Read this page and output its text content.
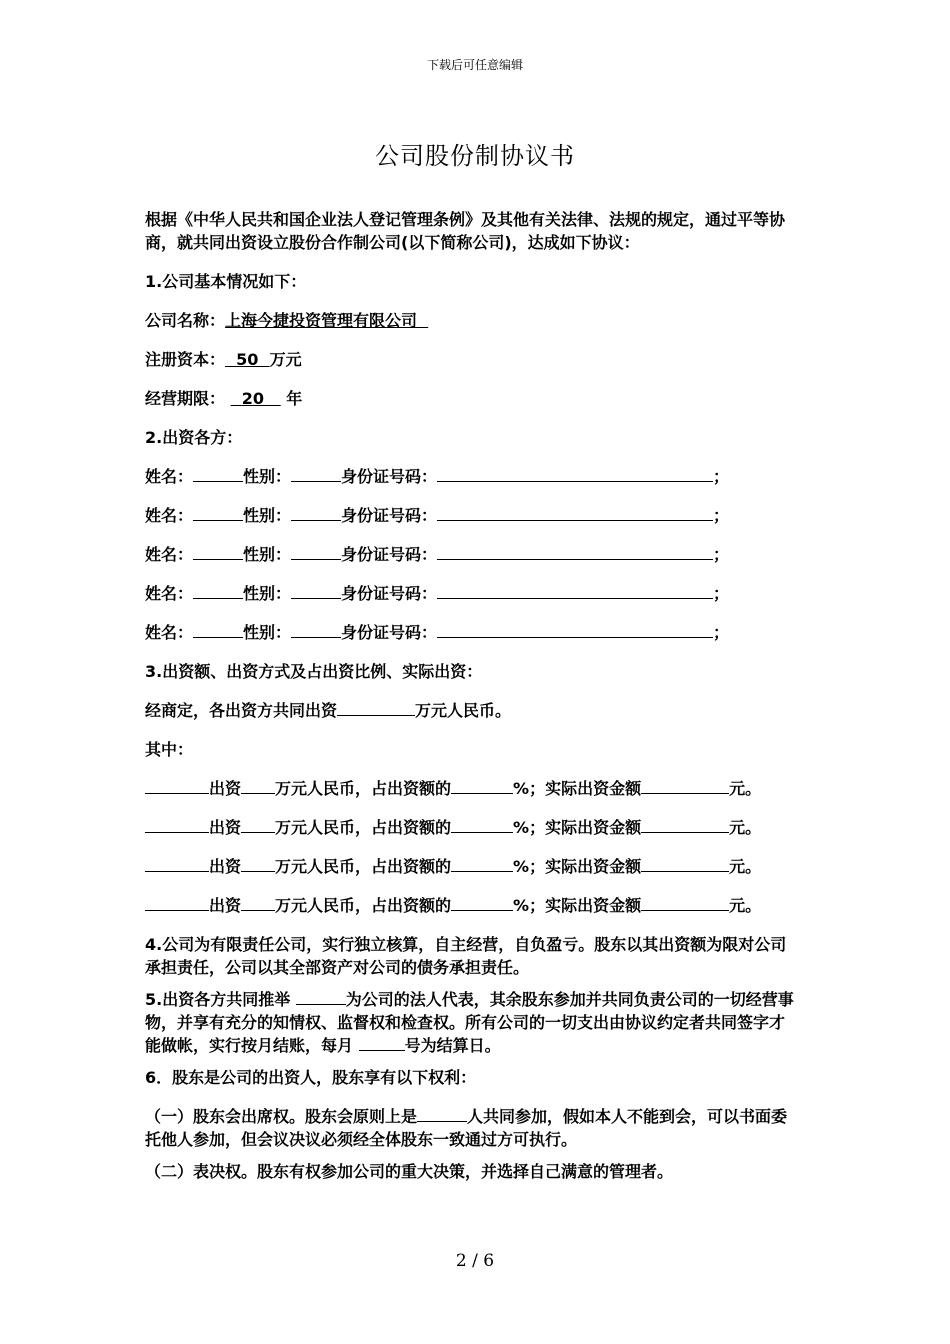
下载后可任意编辑
公司股份制协议书

根据《中华人民共和国企业法人登记管理条例》及其他有关法律、法规的规定，通过平等协商，就共同出资设立股份合作制公司(以下简称公司)，达成如下协议：

1.公司基本情况如下：

公司名称：上海今捷投资管理有限公司

注册资本： 50 万元

经营期限： 20 年

2.出资各方：

姓名：	性别：	身份证号码：	；

姓名：	性别：	身份证号码：	；

姓名：	性别：	身份证号码：	；

姓名：	性别：	身份证号码：	；

姓名：	性别：	身份证号码：	；

3.出资额、出资方式及占出资比例、实际出资：

经商定，各出资方共同出资	万元人民币。

其中：

出资 万元人民币，占出资额的	%；实际出资金额	元。

出资 万元人民币，占出资额的	%；实际出资金额	元。

出资 万元人民币，占出资额的	%；实际出资金额	元。

出资 万元人民币，占出资额的	%；实际出资金额	元。

4.公司为有限责任公司，实行独立核算，自主经营，自负盈亏。股东以其出资额为限对公司承担责任，公司以其全部资产对公司的债务承担责任。

5.出资各方共同推举	为公司的法人代表，其余股东参加并共同负责公司的一切经营事物，并享有充分的知情权、监督权和检查权。所有公司的一切支出由协议约定者共同签字才能做帐，实行按月结账，每月	号为结算日。

6．股东是公司的出资人，股东享有以下权利：

（一）股东会出席权。股东会原则上是	人共同参加，假如本人不能到会，可以书面委托他人参加，但会议决议必须经全体股东一致通过方可执行。

（二）表决权。股东有权参加公司的重大决策，并选择自己满意的管理者。

2 / 6
